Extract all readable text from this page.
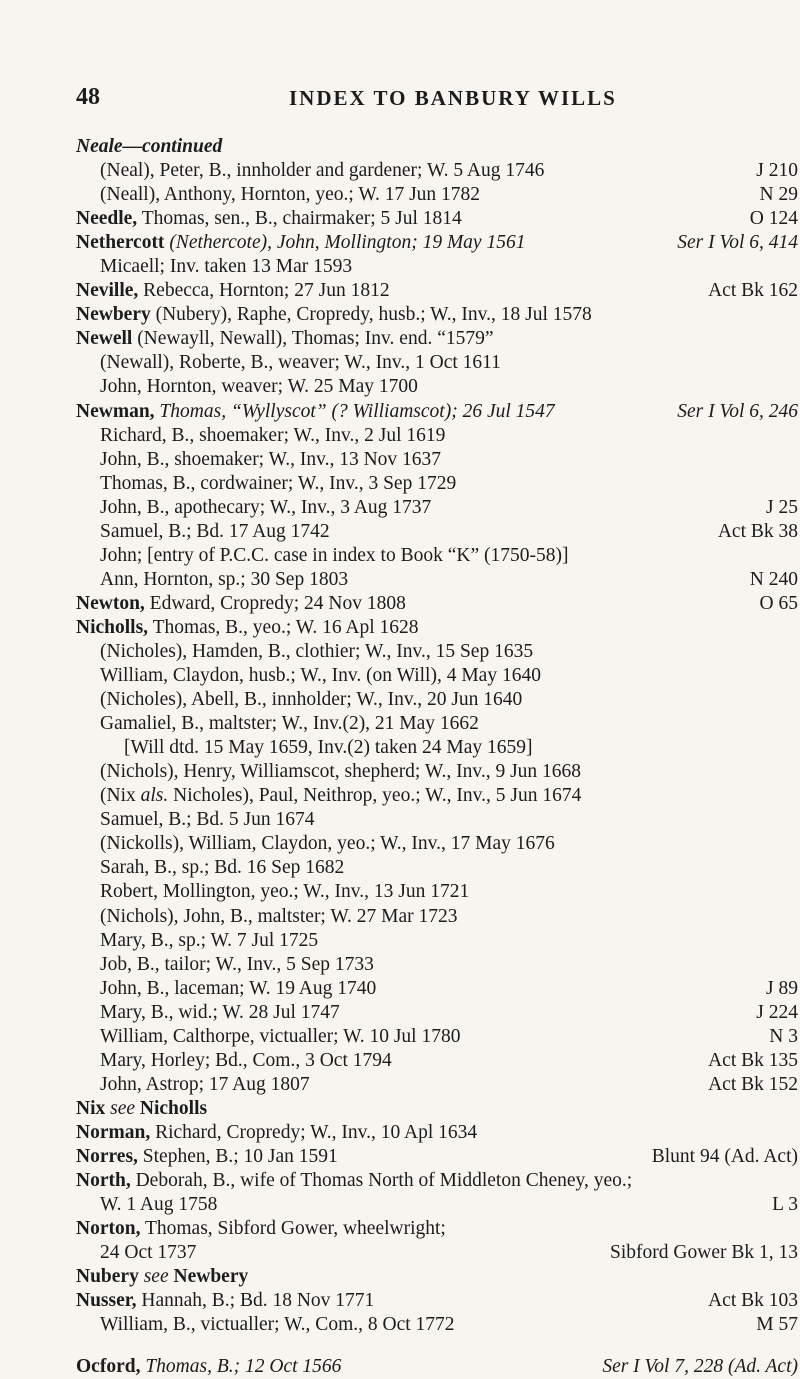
48	INDEX TO BANBURY WILLS
Neale—continued
(Neal), Peter, B., innholder and gardener; W. 5 Aug 1746	J 210
(Neall), Anthony, Hornton, yeo.; W. 17 Jun 1782	N 29
Needle, Thomas, sen., B., chairmaker; 5 Jul 1814	O 124
Nethercott (Nethercote), John, Mollington; 19 May 1561	Ser I Vol 6, 414
Micaell; Inv. taken 13 Mar 1593
Neville, Rebecca, Hornton; 27 Jun 1812	Act Bk 162
Newbery (Nubery), Raphe, Cropredy, husb.; W., Inv., 18 Jul 1578
Newell (Newayll, Newall), Thomas; Inv. end. “1579”
(Newall), Roberte, B., weaver; W., Inv., 1 Oct 1611
John, Hornton, weaver; W. 25 May 1700
Newman, Thomas, “Wyllyscot” (? Williamscot); 26 Jul 1547	Ser I Vol 6, 246
Richard, B., shoemaker; W., Inv., 2 Jul 1619
John, B., shoemaker; W., Inv., 13 Nov 1637
Thomas, B., cordwainer; W., Inv., 3 Sep 1729
John, B., apothecary; W., Inv., 3 Aug 1737	J 25
Samuel, B.; Bd. 17 Aug 1742	Act Bk 38
John; [entry of P.C.C. case in index to Book “K” (1750-58)]
Ann, Hornton, sp.; 30 Sep 1803	N 240
Newton, Edward, Cropredy; 24 Nov 1808	O 65
Nicholls, Thomas, B., yeo.; W. 16 Apl 1628
(Nicholes), Hamden, B., clothier; W., Inv., 15 Sep 1635
William, Claydon, husb.; W., Inv. (on Will), 4 May 1640
(Nicholes), Abell, B., innholder; W., Inv., 20 Jun 1640
Gamaliel, B., maltster; W., Inv.(2), 21 May 1662
[Will dtd. 15 May 1659, Inv.(2) taken 24 May 1659]
(Nichols), Henry, Williamscot, shepherd; W., Inv., 9 Jun 1668
(Nix als. Nicholes), Paul, Neithrop, yeo.; W., Inv., 5 Jun 1674
Samuel, B.; Bd. 5 Jun 1674
(Nickolls), William, Claydon, yeo.; W., Inv., 17 May 1676
Sarah, B., sp.; Bd. 16 Sep 1682
Robert, Mollington, yeo.; W., Inv., 13 Jun 1721
(Nichols), John, B., maltster; W. 27 Mar 1723
Mary, B., sp.; W. 7 Jul 1725
Job, B., tailor; W., Inv., 5 Sep 1733
John, B., laceman; W. 19 Aug 1740	J 89
Mary, B., wid.; W. 28 Jul 1747	J 224
William, Calthorpe, victualler; W. 10 Jul 1780	N 3
Mary, Horley; Bd., Com., 3 Oct 1794	Act Bk 135
John, Astrop; 17 Aug 1807	Act Bk 152
Nix see Nicholls
Norman, Richard, Cropredy; W., Inv., 10 Apl 1634
Norres, Stephen, B.; 10 Jan 1591	Blunt 94 (Ad. Act)
North, Deborah, B., wife of Thomas North of Middleton Cheney, yeo.;
W. 1 Aug 1758	L 3
Norton, Thomas, Sibford Gower, wheelwright;
24 Oct 1737	Sibford Gower Bk 1, 13
Nubery see Newbery
Nusser, Hannah, B.; Bd. 18 Nov 1771	Act Bk 103
William, B., victualler; W., Com., 8 Oct 1772	M 57
Ocford, Thomas, B.; 12 Oct 1566	Ser I Vol 7, 228 (Ad. Act)
